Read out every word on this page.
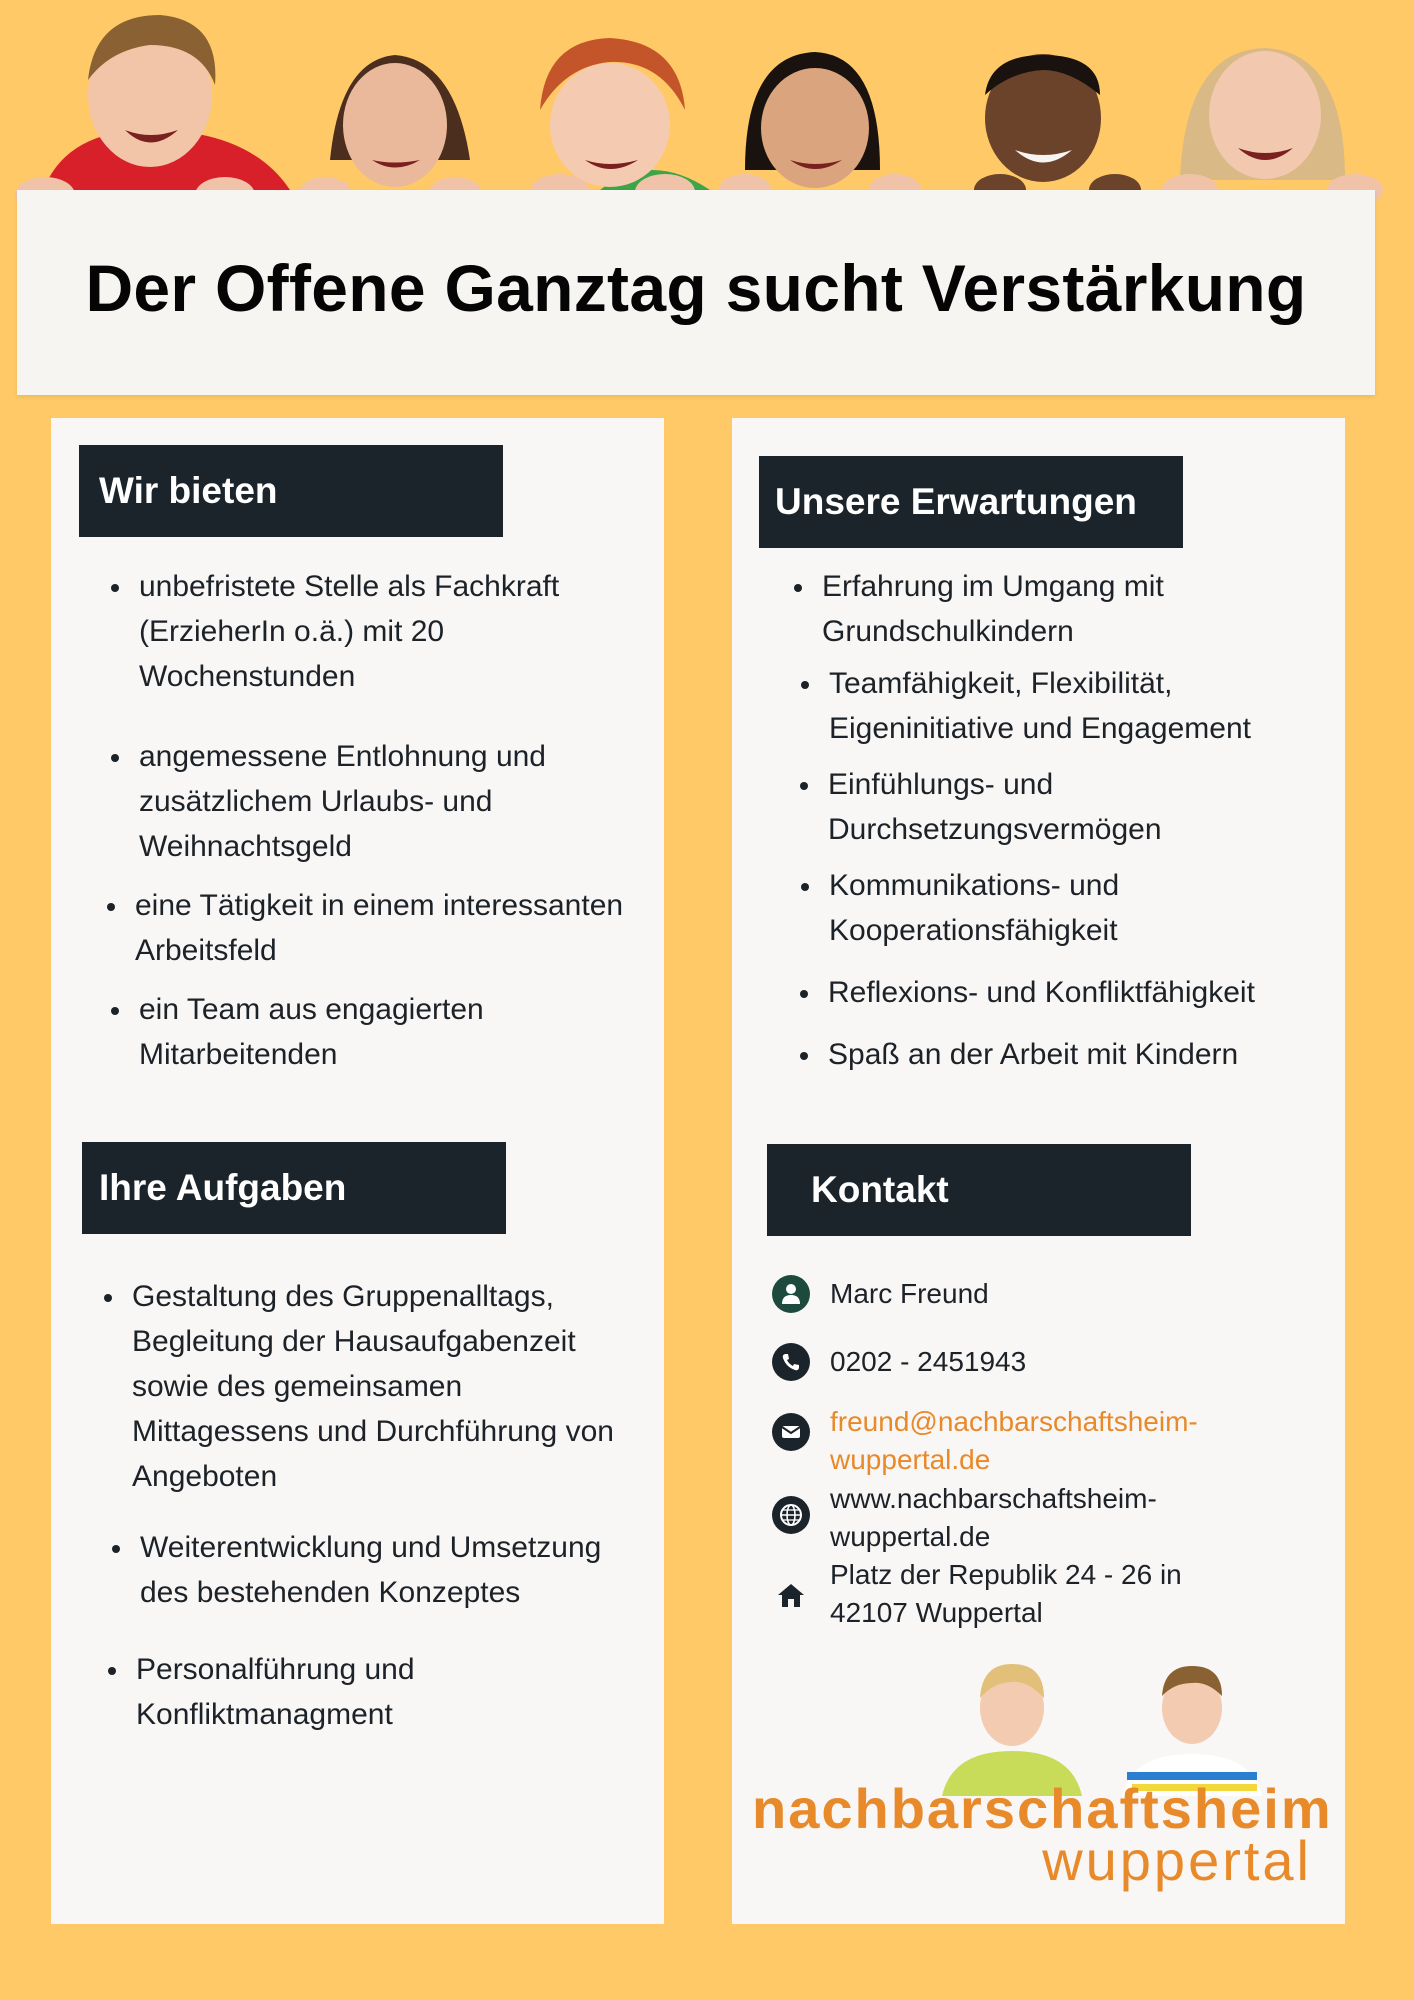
Der Offene Ganztag sucht Verstärkung
Wir bieten
unbefristete Stelle als Fachkraft (ErzieherIn o.ä.) mit 20 Wochenstunden
angemessene Entlohnung und zusätzlichem Urlaubs- und Weihnachtsgeld
eine Tätigkeit in einem interessanten Arbeitsfeld
ein Team aus engagierten Mitarbeitenden
Ihre Aufgaben
Gestaltung des Gruppenalltags, Begleitung der Hausaufgabenzeit sowie des gemeinsamen Mittagessens und Durchführung von Angeboten
Weiterentwicklung und Umsetzung des bestehenden Konzeptes
Personalführung und Konfliktmanagment
Unsere Erwartungen
Erfahrung im Umgang mit Grundschulkindern
Teamfähigkeit, Flexibilität, Eigeninitiative und Engagement
Einfühlungs- und Durchsetzungsvermögen
Kommunikations- und Kooperationsfähigkeit
Reflexions- und Konfliktfähigkeit
Spaß an der Arbeit mit Kindern
Kontakt
Marc Freund
0202 - 2451943
freund@nachbarschaftsheim-
wuppertal.de
www.nachbarschaftsheim-
wuppertal.de
Platz der Republik 24 - 26 in
42107 Wuppertal
nachbarschaftsheim
wuppertal
